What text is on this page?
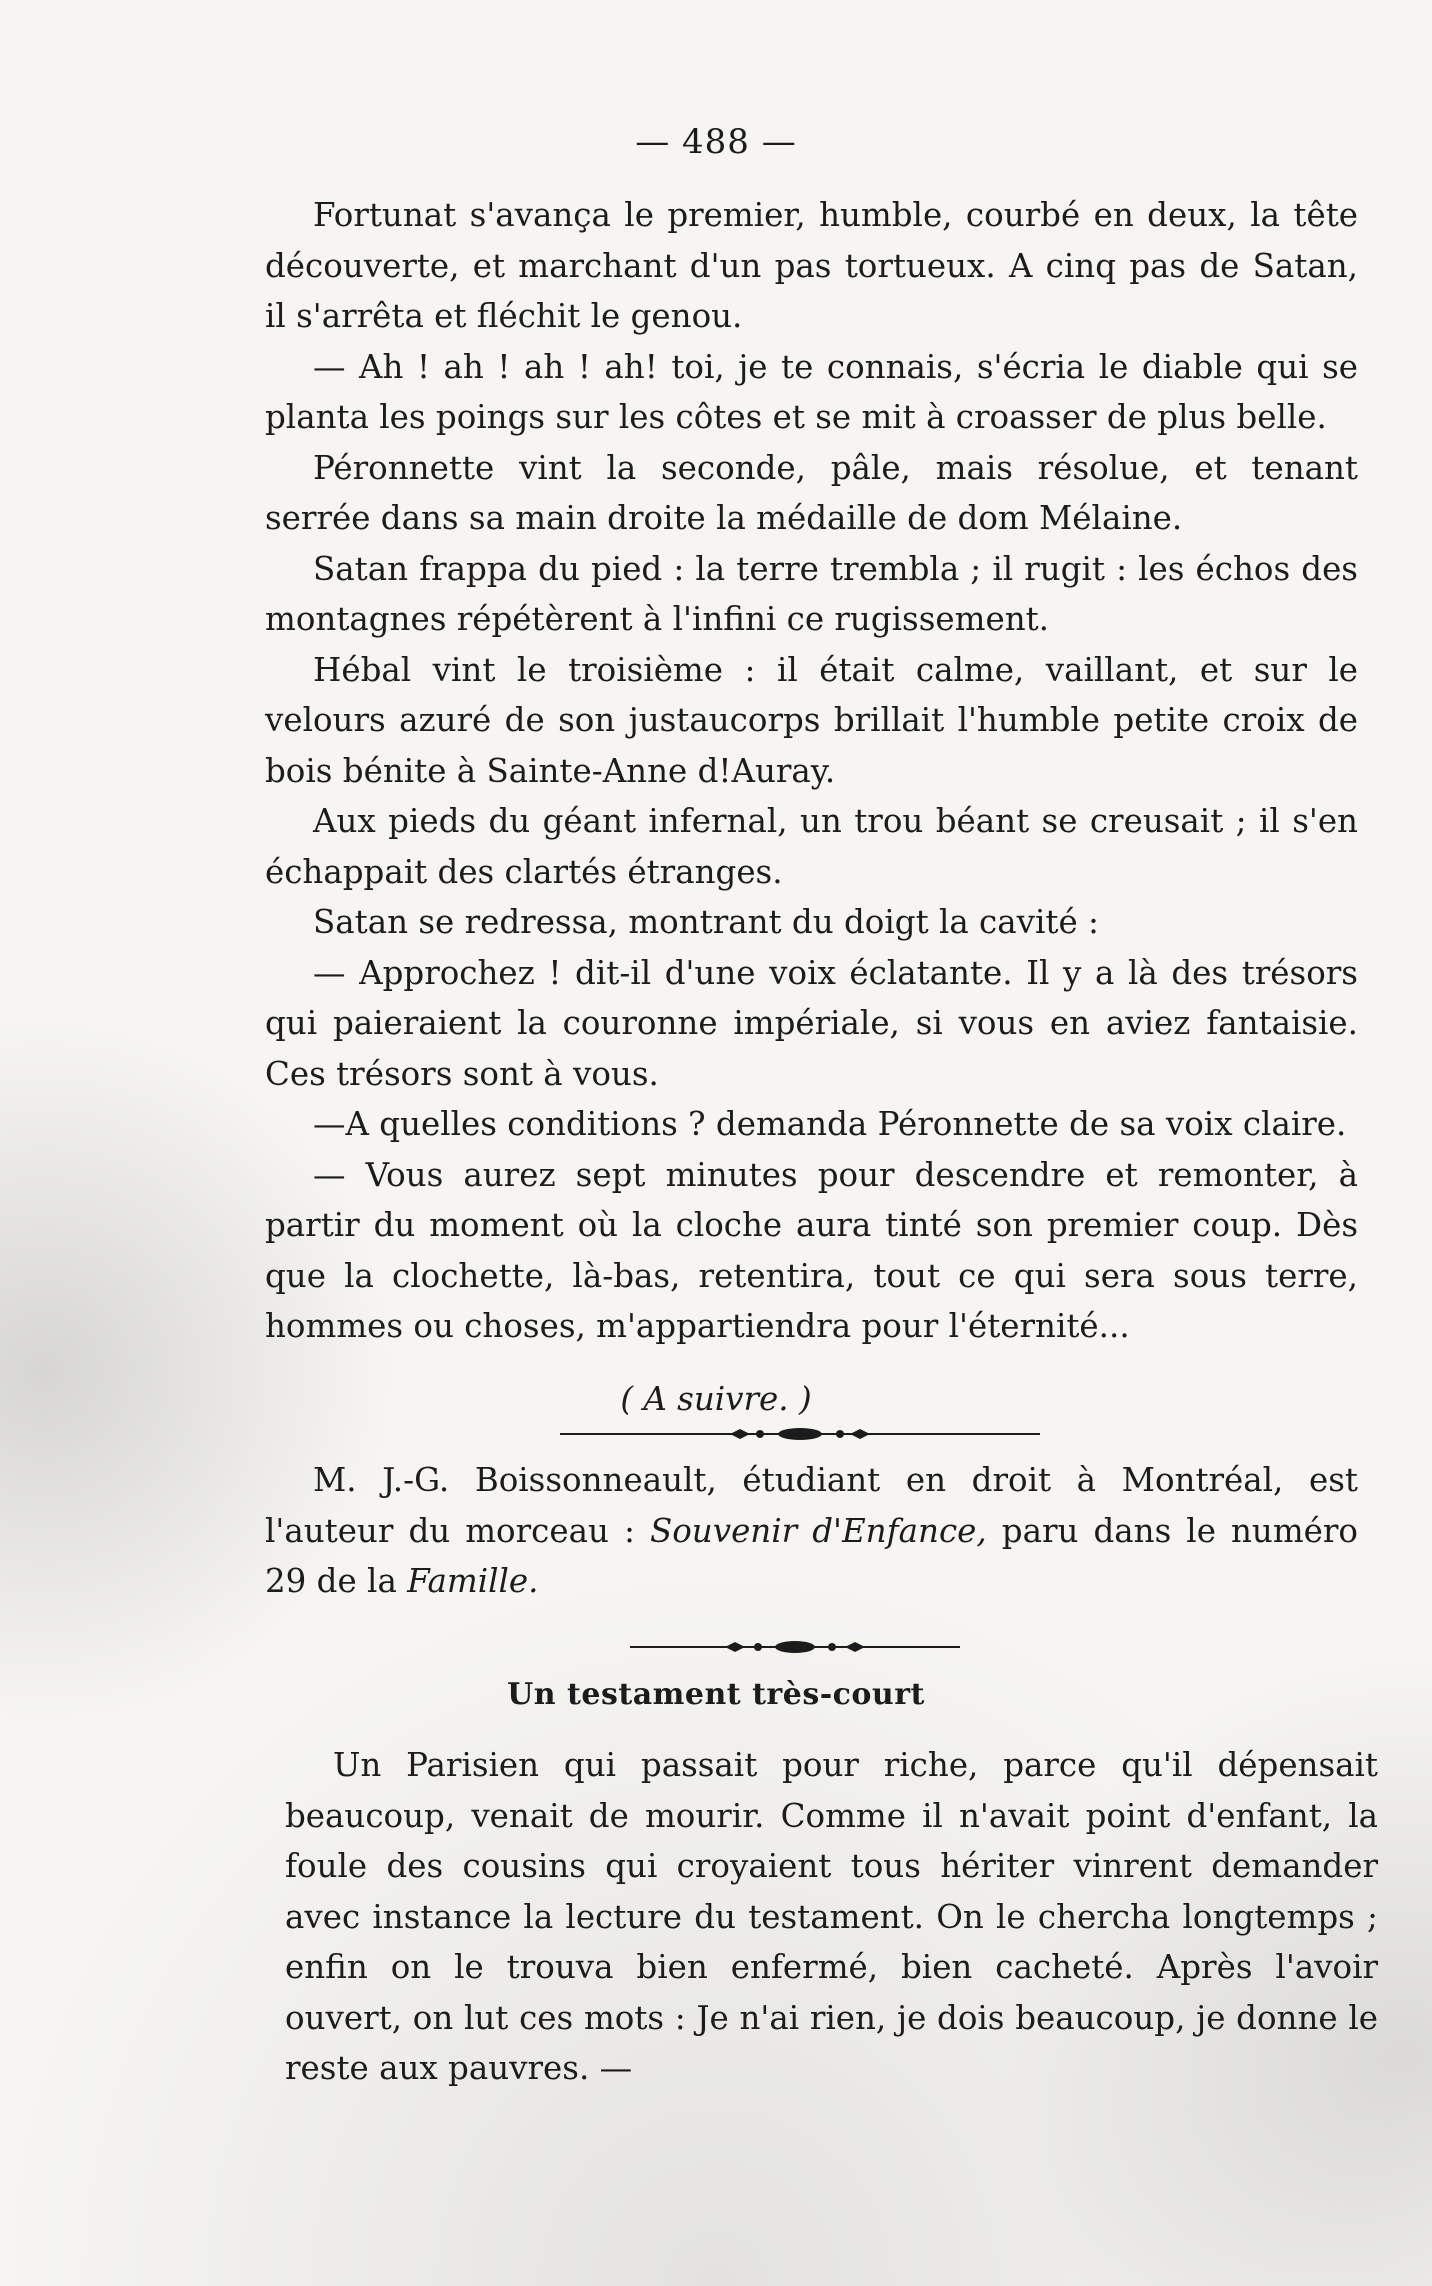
— 488 —

Fortunat s'avança le premier, humble, courbé en deux, la tête découverte, et marchant d'un pas tortueux. A cinq pas de Satan, il s'arrêta et fléchit le genou.

— Ah ! ah ! ah ! ah! toi, je te connais, s'écria le diable qui se planta les poings sur les côtes et se mit à croasser de plus belle.

Péronnette vint la seconde, pâle, mais résolue, et tenant serrée dans sa main droite la médaille de dom Mélaine.

Satan frappa du pied : la terre trembla ; il rugit : les échos des montagnes répétèrent à l'infini ce rugissement.

Hébal vint le troisième : il était calme, vaillant, et sur le velours azuré de son justaucorps brillait l'humble petite croix de bois bénite à Sainte-Anne d!Auray.

Aux pieds du géant infernal, un trou béant se creusait ; il s'en échappait des clartés étranges.

Satan se redressa, montrant du doigt la cavité :

— Approchez ! dit-il d'une voix éclatante. Il y a là des trésors qui paieraient la couronne impériale, si vous en aviez fantaisie. Ces trésors sont à vous.

—A quelles conditions ? demanda Péronnette de sa voix claire.

— Vous aurez sept minutes pour descendre et remonter, à partir du moment où la cloche aura tinté son premier coup. Dès que la clochette, là-bas, retentira, tout ce qui sera sous terre, hommes ou choses, m'appartiendra pour l'éternité...

( A suivre. )

M. J.-G. Boissonneault, étudiant en droit à Montréal, est l'auteur du morceau : Souvenir d'Enfance, paru dans le numéro 29 de la Famille.

Un testament très-court

Un Parisien qui passait pour riche, parce qu'il dépensait beaucoup, venait de mourir. Comme il n'avait point d'enfant, la foule des cousins qui croyaient tous hériter vinrent demander avec instance la lecture du testament. On le chercha longtemps ; enfin on le trouva bien enfermé, bien cacheté. Après l'avoir ouvert, on lut ces mots : Je n'ai rien, je dois beaucoup, je donne le reste aux pauvres. —
